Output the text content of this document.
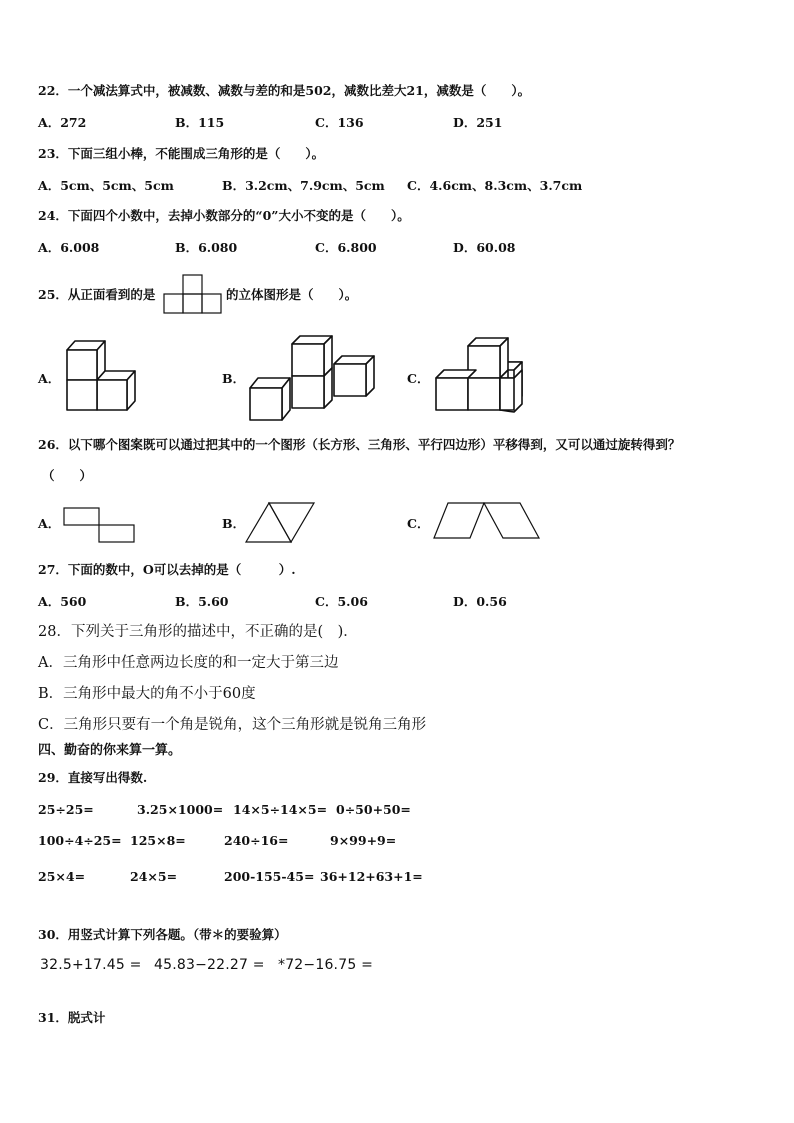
22．一个减法算式中，被减数、减数与差的和是502，减数比差大21，减数是（　　）。
A．272	B．115	C．136	D．251
23．下面三组小棒，不能围成三角形的是（　　）。
A．5cm、5cm、5cm	B．3.2cm、7.9cm、5cm C．4.6cm、8.3cm、3.7cm
24．下面四个小数中，去掉小数部分的“0”大小不变的是（　　）。
A．6.008	B．6.080	C．6.800	D．60.08
25．从正面看到的是	的立体图形是（　　）。
A．	B．	C．
26．以下哪个图案既可以通过把其中的一个图形（长方形、三角形、平行四边形）平移得到，又可以通过旋转得到？
（　　）
A．	B．	C．
27．下面的数中，O可以去掉的是（　　　）.
A．560	B．5.60	C．5.06	D．0.56
28．下列关于三角形的描述中，不正确的是(　)．
A．三角形中任意两边长度的和一定大于第三边
B．三角形中最大的角不小于60度
C．三角形只要有一个角是锐角，这个三角形就是锐角三角形
四、勤奋的你来算一算。
29．直接写出得数.
25÷25=	3.25×1000= 14×5÷14×5= 0÷50+50=
100÷4÷25= 125×8=	240÷16=	9×99+9=
25×4=	24×5=	200-155-45= 36+12+63+1=
30．用竖式计算下列各题。（带＊的要验算）
32.5+17.45 = 45.83−22.27 = *72−16.75 =
31．脱式计
